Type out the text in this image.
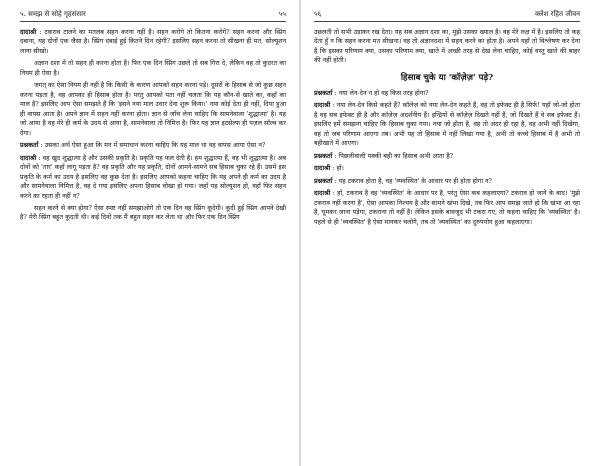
५. समझ से सोहे गृहसंसार	५५

दादाश्री : टकराव टालने का मतलब सहन करना नहीं है। सहन करोगे तो कितना करोगे? सहन करना और स्प्रिंग दबाना, यह दोनों एक जैसा है। स्प्रिंग दबाई हुई कितने दिन रहेगी? इसलिए सहन करना तो सीखना ही मत, सोल्यूशन लाना सीखो।

अज्ञान दशा में तो सहन ही करना होता है। फिर एक दिन स्प्रिंग उछले तो सब गिरा दे, लेकिन वह तो कुदरत का नियम ही ऐसा है।

जगत् का ऐसा नियम ही नहीं है कि किसी के कारण आपको सहन करना पड़े। दूसरों के हिसाब से जो कुछ सहन करना पड़ता है, वह आपका ही हिसाब होता है। परंतु आपको पता नहीं चलता कि यह कौन-से खाते का, कहाँ का माल है? इसलिए आप ऐसा समझते हैं कि 'इसने नया माल उधार देना शुरू किया।' नया कोई देता ही नहीं, दिया हुआ ही वापस आता है। अपने ज्ञान में सहन नहीं करना होता। ज्ञान से जाँच लेना चाहिए कि सामनेवाला 'शुद्धात्मा' है। यह जो आया है वह मेरे ही कर्म के उदय से आया है, सामनेवाला तो निमित्त है। फिर यह ज्ञान इटसेल्फ ही पज़ल सॉल्व कर देगा।

प्रश्नकर्ता : उसका अर्थ ऐसा हुआ कि मन में समाधान करना चाहिए कि यह माल था वह वापस आया ऐसा न?

दादाश्री : वह खुद शुद्धात्मा है और उसकी प्रकृति है। प्रकृति यह फल देती है। हम शुद्धात्मा हैं, वह भी शुद्धात्मा है। अब दोनों को 'तार' कहाँ लागू पड़ता है? वह प्रकृति और यह प्रकृति, दोनों आमने-सामने सब हिसाब चुका रहे हैं। उसमें इस प्रकृति के कर्म का उदय है इसलिए वह कुछ देता है। इसलिए आपको कहना चाहिए कि यह अपने ही कर्म का उदय है और सामनेवाला निमित्त है, वह दे गया इसलिए अपना हिसाब चोखा हो गया। जहाँ यह सोल्यूशन हो, वहाँ फिर सहन करने का रहता ही नहीं न?

सहन करने से क्या होगा? ऐसा स्पष्ट नहीं समझाओगे तो एक दिन वह स्प्रिंग कूदेगी। कूदी हुई स्प्रिंग आपने देखी है? मेरी स्प्रिंग बहुत कूदती थी। कई दिनों तक मैं बहुत सहन कर लेता था और फिर एक दिन स्प्रिंग

५६	क्लेश रहित जीवन

उछलती तो सभी उड़ाकर रख देता। यह सब अज्ञान दशा का, मुझे उसका ख्याल है। वह मेरे लक्ष में है। इसलिए तो कह देता हूँ न कि सहन करना मत सीखना। वह तो अज्ञानदशा में सहन करने का होता है। अपने यहाँ तो विश्लेषण कर देना है कि इसका परिणाम क्या, उसका परिणाम क्या, खाते में अच्छी तरह से देख लेना चाहिए, कोई वस्तु खाते की बाहर की नहीं होती।

हिसाब चुके या 'कॉज़ेज़' पड़े?

प्रश्नकर्ता : नया लेन-देन न हो वह किस तरह होगा?

दादाश्री : नया लेन-देन किसे कहते हैं? कॉलेज़ को नया लेन-देन कहते हैं, वह तो इफेक्ट ही है सिर्फ! यहाँ जो-जो होता है वह सब इफेक्ट ही है और कॉज़ेज़ अदर्शनीय हैं। इन्द्रियों से कॉज़ेज़ दिखते नहीं हैं, जो दिखते हैं वे सब इफेक्ट हैं। इसलिए हमें समझना चाहिए कि हिसाब चुका गया। नया जो होता है, वह तो अंदर ही रहा है, वह अभी नहीं दिखेगा, वह तो जब परिणाम आएगा तब। अभी यह तो हिसाब में नहीं लिखा गया है, अभी तो कच्चे हिसाब में है अभी तो बहीखाते में आएगा।

प्रश्नकर्ता : पिछलीवाली पक्की बही का हिसाब अभी आता है?

दादाश्री : हाँ।

प्रश्नकर्ता : यह टकराव होता है, वह 'व्यवस्थित' के आधार पर ही होता होगा न?

दादाश्री : हाँ, टकराव है वह 'व्यवस्थित' के आधार पर है, परंतु ऐसा कब कहलाएगा? टकराव हो जाने के बाद। 'मुझे टकराव नहीं करना है', ऐसा आपका निश्चय है और सामने खंभा दिखे, तब फिर आप समझ जाते हो कि खंभा आ रहा है, घूमकर जाना पड़ेगा, टकराना तो नहीं है। लेकिन इसके बावजूद भी टकरा गए, तो कहना चाहिए कि 'व्यवस्थित' है। पहले से ही 'व्यवस्थित' है ऐसा मानकर चलोगे, तब तो 'व्यवस्थित' का दुरुपयोग हुआ कहलाएगा।
